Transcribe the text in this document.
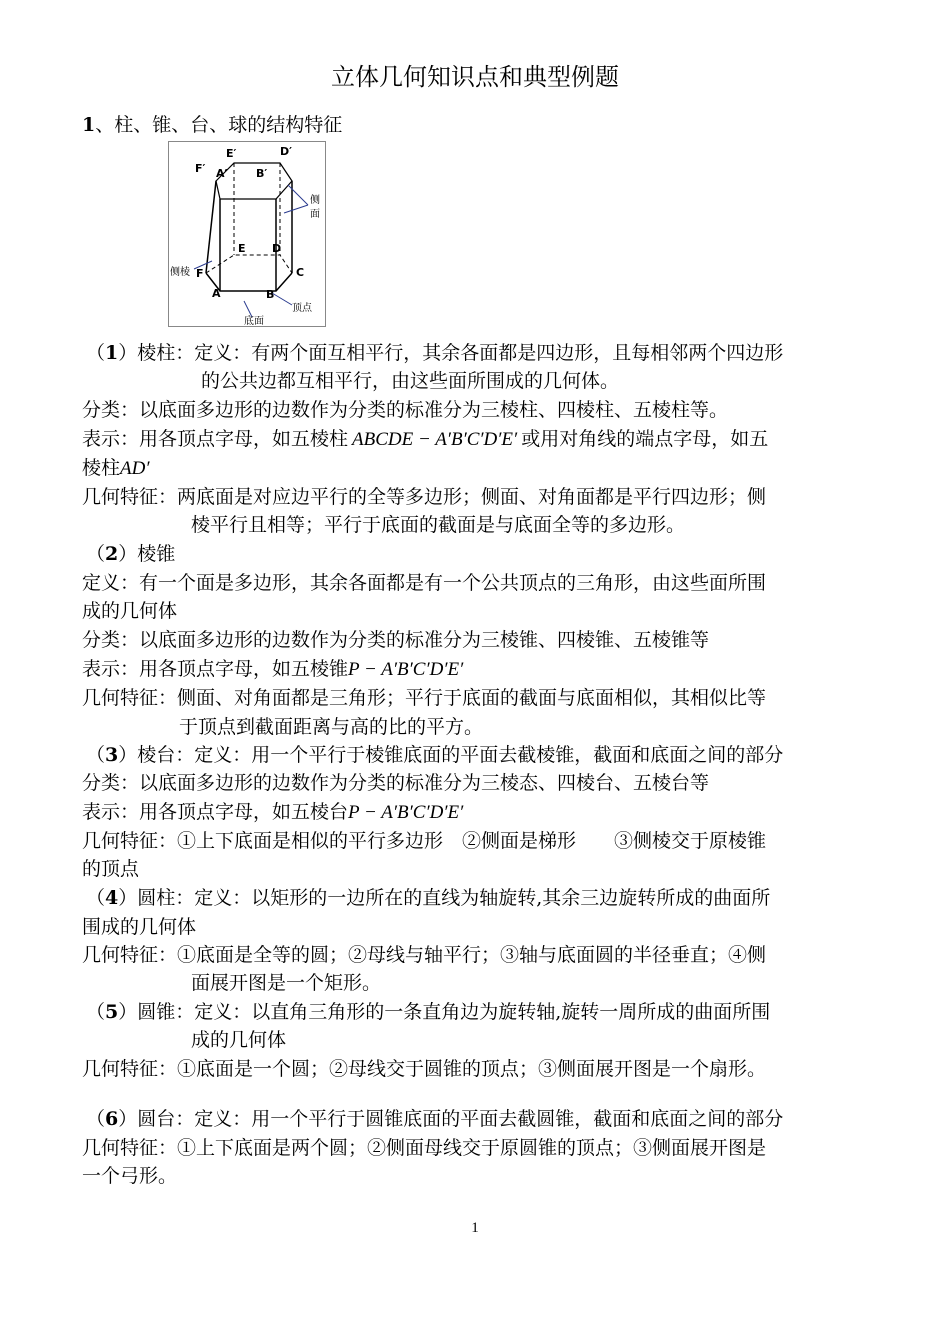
立体几何知识点和典型例题
1、柱、锥、台、球的结构特征
E′	D′
F′ A′	B′
E D
F	C
A	B
侧
面
侧棱
顶点
底面
（1）棱柱：定义：有两个面互相平行，其余各面都是四边形，且每相邻两个四边形
的公共边都互相平行，由这些面所围成的几何体。
分类：以底面多边形的边数作为分类的标准分为三棱柱、四棱柱、五棱柱等。
表示：用各顶点字母，如五棱柱 ABCDE − A′B′C′D′E′ 或用对角线的端点字母，如五
棱柱AD′
几何特征：两底面是对应边平行的全等多边形；侧面、对角面都是平行四边形；侧
棱平行且相等；平行于底面的截面是与底面全等的多边形。
（2）棱锥
定义：有一个面是多边形，其余各面都是有一个公共顶点的三角形，由这些面所围
成的几何体
分类：以底面多边形的边数作为分类的标准分为三棱锥、四棱锥、五棱锥等
表示：用各顶点字母，如五棱锥P − A′B′C′D′E′
几何特征：侧面、对角面都是三角形；平行于底面的截面与底面相似，其相似比等
于顶点到截面距离与高的比的平方。
（3）棱台：定义：用一个平行于棱锥底面的平面去截棱锥，截面和底面之间的部分
分类：以底面多边形的边数作为分类的标准分为三棱态、四棱台、五棱台等
表示：用各顶点字母，如五棱台P − A′B′C′D′E′
几何特征：①上下底面是相似的平行多边形　②侧面是梯形　　③侧棱交于原棱锥
的顶点
（4）圆柱：定义：以矩形的一边所在的直线为轴旋转,其余三边旋转所成的曲面所
围成的几何体
几何特征：①底面是全等的圆；②母线与轴平行；③轴与底面圆的半径垂直；④侧
面展开图是一个矩形。
（5）圆锥：定义：以直角三角形的一条直角边为旋转轴,旋转一周所成的曲面所围
成的几何体
几何特征：①底面是一个圆；②母线交于圆锥的顶点；③侧面展开图是一个扇形。
（6）圆台：定义：用一个平行于圆锥底面的平面去截圆锥，截面和底面之间的部分
几何特征：①上下底面是两个圆；②侧面母线交于原圆锥的顶点；③侧面展开图是
一个弓形。
1
